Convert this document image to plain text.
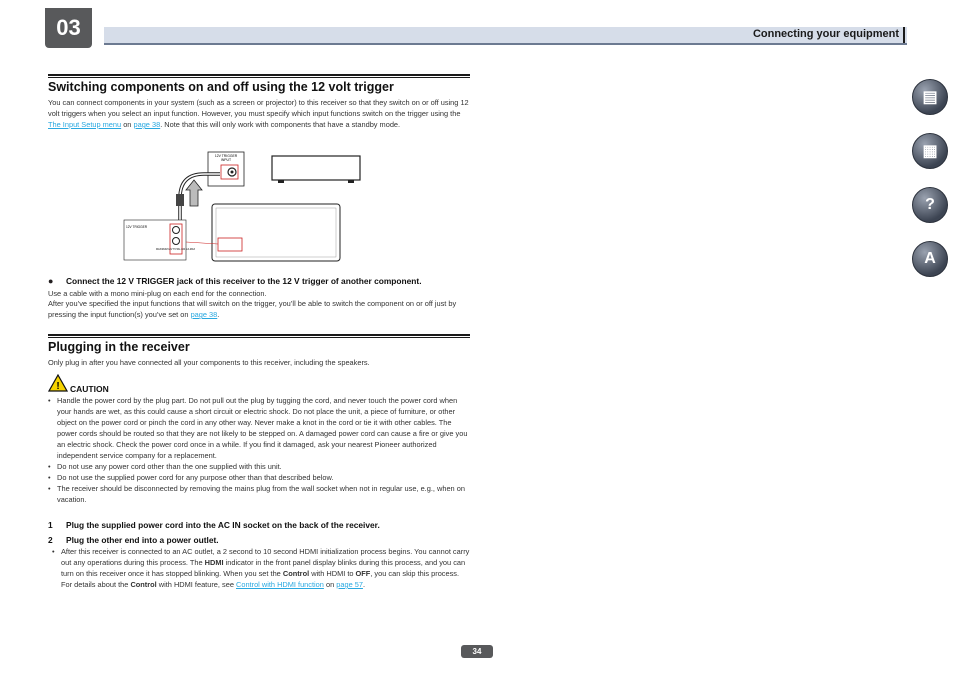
03	Connecting your equipment
▤
▦
?
A
Switching components on and off using the 12 volt trigger
You can connect components in your system (such as a screen or projector) to this receiver so that they switch on or off using 12 volt triggers when you select an input function. However, you must specify which input functions switch on the trigger using the The Input Setup menu on page 38. Note that this will only work with components that have a standby mode.
12V TRIGGER
INPUT
12V TRIGGER
MAXIMUM 12V TOTAL 100 mA MAX
● Connect the 12 V TRIGGER jack of this receiver to the 12 V trigger of another component.
Use a cable with a mono mini-plug on each end for the connection.
After you’ve specified the input functions that will switch on the trigger, you’ll be able to switch the component on or off just by pressing the input function(s) you’ve set on page 38.
Plugging in the receiver
Only plug in after you have connected all your components to this receiver, including the speakers.
! CAUTION
• Handle the power cord by the plug part. Do not pull out the plug by tugging the cord, and never touch the power cord when your hands are wet, as this could cause a short circuit or electric shock. Do not place the unit, a piece of furniture, or other object on the power cord or pinch the cord in any other way. Never make a knot in the cord or tie it with other cables. The power cords should be routed so that they are not likely to be stepped on. A damaged power cord can cause a fire or give you an electric shock. Check the power cord once in a while. If you find it damaged, ask your nearest Pioneer authorized independent service company for a replacement.
• Do not use any power cord other than the one supplied with this unit.
• Do not use the supplied power cord for any purpose other than that described below.
• The receiver should be disconnected by removing the mains plug from the wall socket when not in regular use, e.g., when on vacation.
1 Plug the supplied power cord into the AC IN socket on the back of the receiver.
2 Plug the other end into a power outlet.
• After this receiver is connected to an AC outlet, a 2 second to 10 second HDMI initialization process begins. You cannot carry out any operations during this process. The HDMI indicator in the front panel display blinks during this process, and you can turn on this receiver once it has stopped blinking. When you set the Control with HDMI to OFF, you can skip this process. For details about the Control with HDMI feature, see Control with HDMI function on page 57.
34
